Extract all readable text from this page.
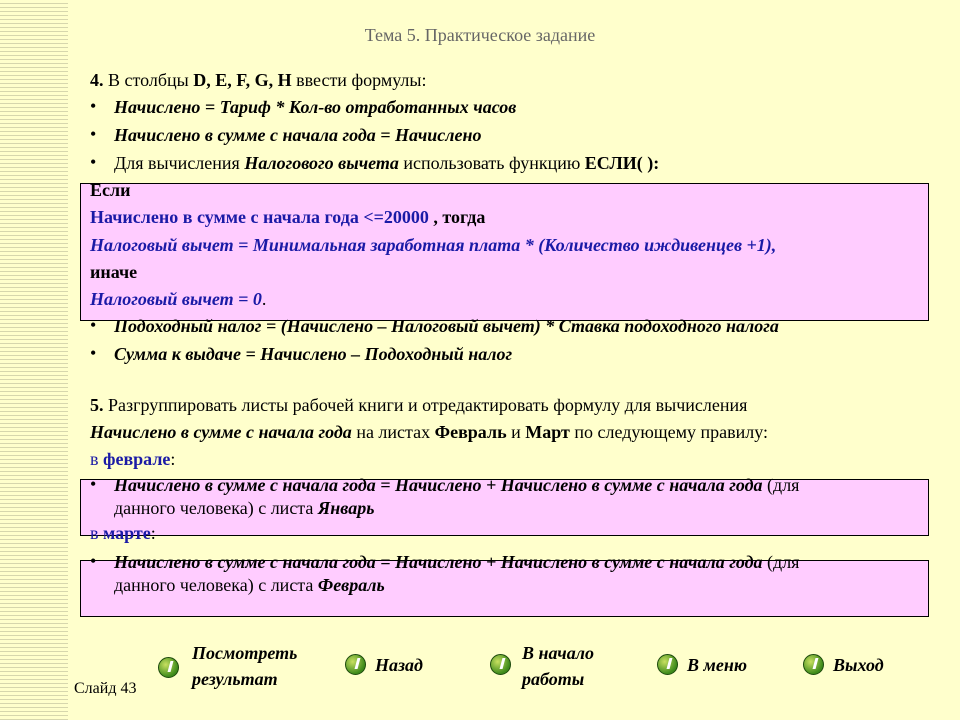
Тема 5. Практическое задание
4. В столбцы D, E, F, G, H ввести формулы:
• Начислено = Тариф * Кол-во отработанных часов
• Начислено в сумме с начала года = Начислено
• Для вычисления Налогового вычета использовать функцию ЕСЛИ( ):
Если
Начислено в сумме с начала года <=20000 , тогда
Налоговый вычет = Минимальная заработная плата * (Количество иждивенцев +1),
иначе
Налоговый вычет = 0.
• Подоходный налог = (Начислено – Налоговый вычет) * Ставка подоходного налога
• Сумма к выдаче = Начислено – Подоходный налог
5. Разгруппировать листы рабочей книги и отредактировать формулу для вычисления
Начислено в сумме с начала года на листах Февраль и Март по следующему правилу:
в феврале:
• Начислено в сумме с начала года = Начислено + Начислено в сумме с начала года (для
данного человека) с листа Январь
в марте:
• Начислено в сумме с начала года = Начислено + Начислено в сумме с начала года (для
данного человека) с листа Февраль
Посмотреть
результат
Назад
В начало
работы
В меню	Выход
Слайд 43
